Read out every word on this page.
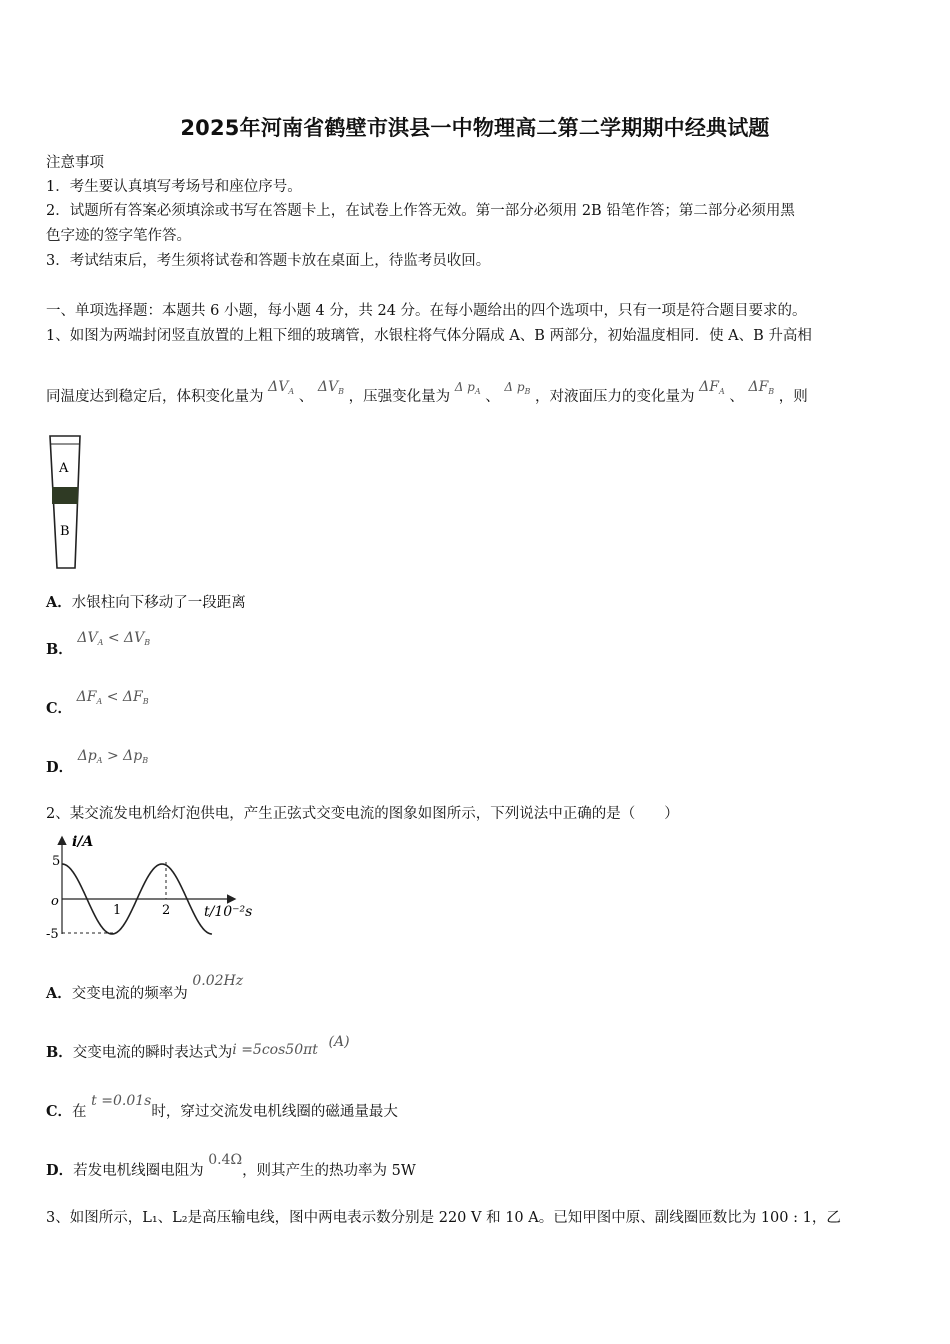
2025年河南省鹤壁市淇县一中物理高二第二学期期中经典试题
注意事项
1．考生要认真填写考场号和座位序号。
2．试题所有答案必须填涂或书写在答题卡上，在试卷上作答无效。第一部分必须用 2B 铅笔作答；第二部分必须用黑
色字迹的签字笔作答。
3．考试结束后，考生须将试卷和答题卡放在桌面上，待监考员收回。
一、单项选择题：本题共 6 小题，每小题 4 分，共 24 分。在每小题给出的四个选项中，只有一项是符合题目要求的。
1、如图为两端封闭竖直放置的上粗下细的玻璃管，水银柱将气体分隔成 A、B 两部分，初始温度相同．使 A、B 升高相
同温度达到稳定后，体积变化量为 $\Delta V_A$ 、 $\Delta V_B$ ，压强变化量为 $^{\Delta p_A}$ 、 $^{\Delta p_B}$ ，对液面压力的变化量为 $\Delta F_A$ 、 $\Delta F_B$ ，则
A
B
A．水银柱向下移动了一段距离
B． $\Delta V_A < \Delta V_B$
C． $\Delta F_A < \Delta F_B$
D． $\Delta p_A > \Delta p_B$
2、某交流发电机给灯泡供电，产生正弦式交变电流的图象如图所示，下列说法中正确的是（　　）
i/A
5
o
-5
1	2 t/10⁻²s
A．交变电流的频率为 0.02Hz
B．交变电流的瞬时表达式为i =5cos50πt (A)
C．在 t =0.01s时，穿过交流发电机线圈的磁通量最大
D．若发电机线圈电阻为 0.4Ω，则其产生的热功率为 5W
3、如图所示，L₁、L₂是高压输电线，图中两电表示数分别是 220 V 和 10 A。已知甲图中原、副线圈匝数比为 100 : 1，乙
